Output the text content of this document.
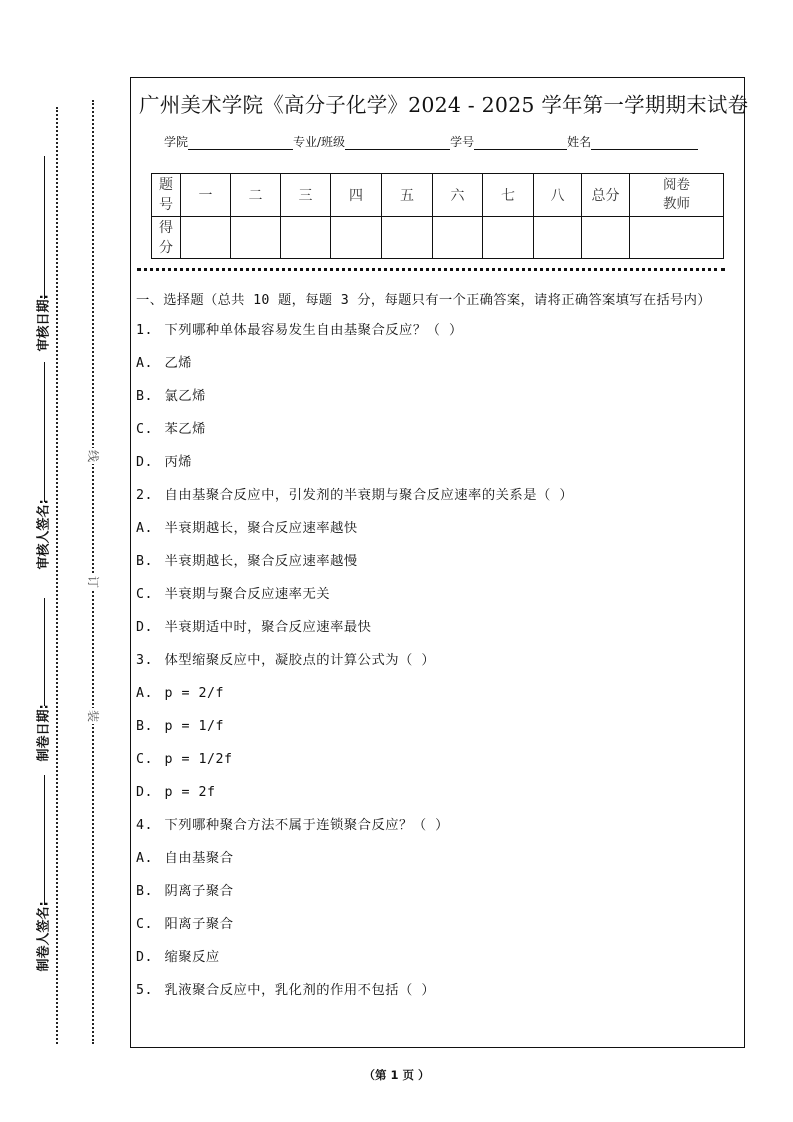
审核日期:
审核人签名:
制卷日期:
制卷人签名:
线
订
装
广州美术学院《高分子化学》2024 - 2025 学年第一学期期末试卷
学院	专业/班级	学号	姓名
题
号	一	二	三	四	五	六	七	八	总分	阅卷
教师
得
分										
一、选择题（总共 10 题，每题 3 分，每题只有一个正确答案，请将正确答案填写在括号内）
1. 下列哪种单体最容易发生自由基聚合反应？（ ）
A. 乙烯
B. 氯乙烯
C. 苯乙烯
D. 丙烯
2. 自由基聚合反应中，引发剂的半衰期与聚合反应速率的关系是（ ）
A. 半衰期越长，聚合反应速率越快
B. 半衰期越长，聚合反应速率越慢
C. 半衰期与聚合反应速率无关
D. 半衰期适中时，聚合反应速率最快
3. 体型缩聚反应中，凝胶点的计算公式为（ ）
A. p = 2/f
B. p = 1/f
C. p = 1/2f
D. p = 2f
4. 下列哪种聚合方法不属于连锁聚合反应？（ ）
A. 自由基聚合
B. 阴离子聚合
C. 阳离子聚合
D. 缩聚反应
5. 乳液聚合反应中，乳化剂的作用不包括（ ）
（第 1 页 ）
